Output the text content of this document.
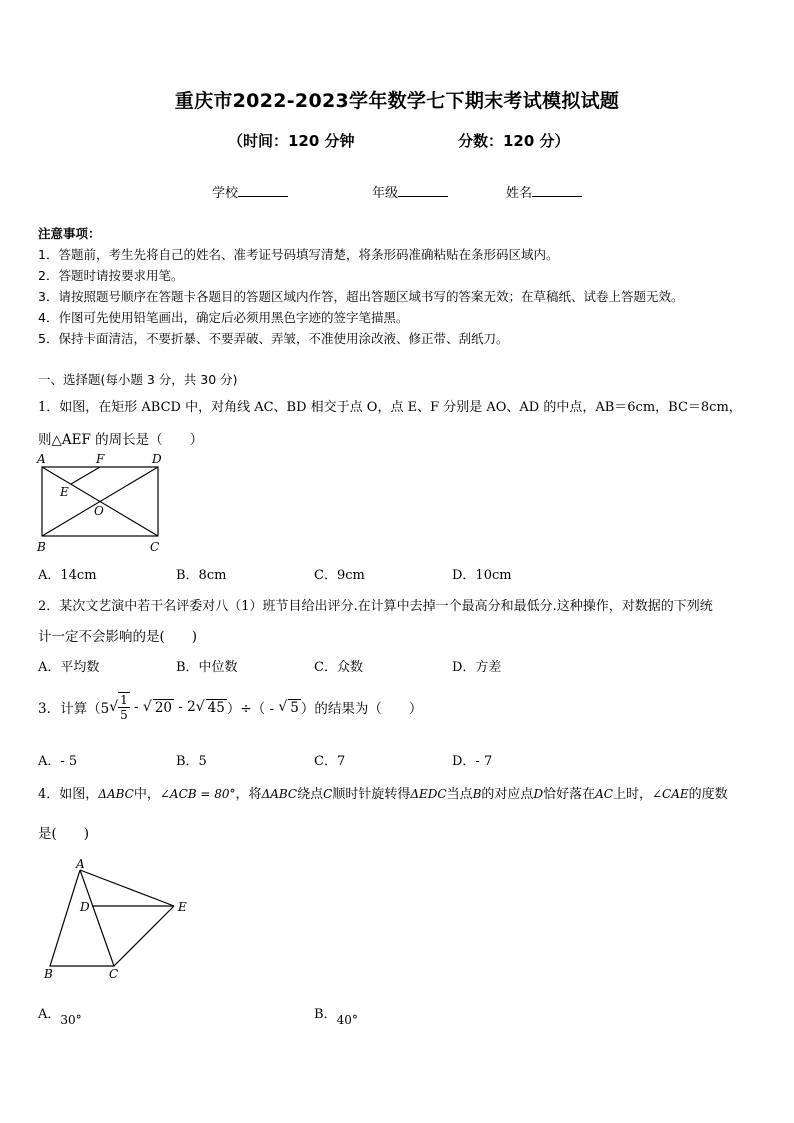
重庆市2022-2023学年数学七下期末考试模拟试题
（时间：120 分钟	分数：120 分）
学校	年级	姓名
注意事项：
1．答题前，考生先将自己的姓名、准考证号码填写清楚，将条形码准确粘贴在条形码区域内。
2．答题时请按要求用笔。
3．请按照题号顺序在答题卡各题目的答题区域内作答，超出答题区域书写的答案无效；在草稿纸、试卷上答题无效。
4．作图可先使用铅笔画出，确定后必须用黑色字迹的签字笔描黑。
5．保持卡面清洁，不要折暴、不要弄破、弄皱，不准使用涂改液、修正带、刮纸刀。
一、选择题(每小题 3 分，共 30 分)
1．如图，在矩形 ABCD 中，对角线 AC、BD 相交于点 O，点 E、F 分别是 AO、AD 的中点，AB＝6cm，BC＝8cm，
则△AEF 的周长是（　　）
A	F	D
E
O
B	C
A．14cm	B．8cm	C．9cm	D．10cm
2．某次文艺演中若干名评委对八（1）班节目给出评分.在计算中去掉一个最高分和最低分.这种操作，对数据的下列统
计一定不会影响的是(　　)
A．平均数	B．中位数	C．众数	D．方差
3．计算（5 √ $\frac{1}{5}$ - √ 20 - 2 √ 45 ）÷（ - √ 5 ）的结果为（　　）
A．- 5	B．5	C．7	D．- 7
4．如图，ΔABC中，∠ACB = 80°，将ΔABC绕点C顺时针旋转得ΔEDC当点B的对应点D恰好落在AC上时，∠CAE的度数
是(　　)
A
D	E
B	C
A．30°	B．40°
